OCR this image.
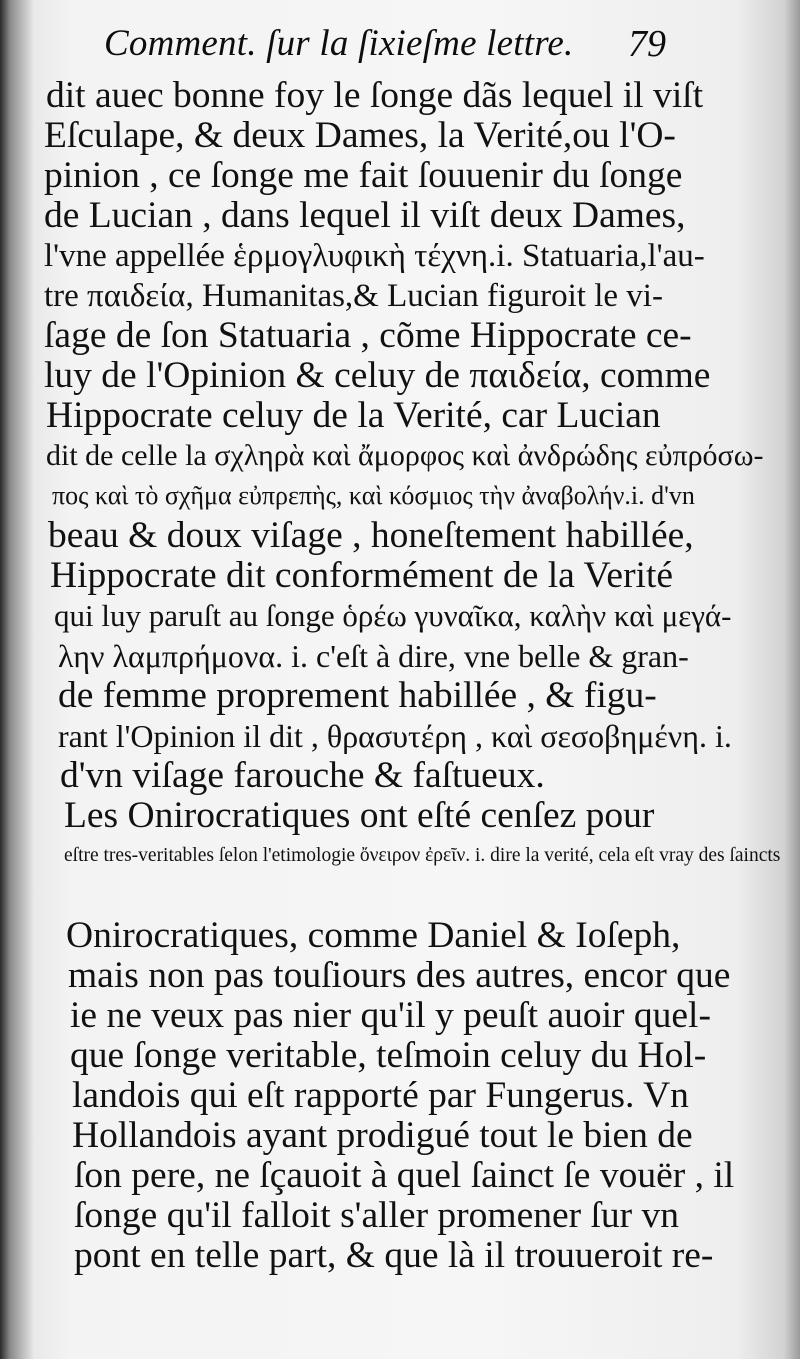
Comment. ſur la ſixieſme lettre. 79
dit auec bonne foy le ſonge dãs lequel il viſt
Eſculape, & deux Dames, la Verité,ou l'O-
pinion , ce ſonge me fait ſouuenir du ſonge
de Lucian , dans lequel il viſt deux Dames,
l'vne appellée ἑρμογλυφικὴ τέχνη.i. Statuaria,l'au-
tre παιδεία, Humanitas,& Lucian figuroit le vi-
ſage de ſon Statuaria , cõme Hippocrate ce-
luy de l'Opinion & celuy de παιδεία, comme
Hippocrate celuy de la Verité, car Lucian
dit de celle la σχληρὰ καὶ ἄμορφος καὶ ἀνδρώδης εὐπρόσω-
πος καὶ τὸ σχῆμα εὐπρεπὴς, καὶ κόσμιος τὴν ἀναβολήν.i. d'vn
beau & doux viſage , honeſtement habillée,
Hippocrate dit conformément de la Verité
qui luy paruſt au ſonge ὁρέω γυναῖκα, καλὴν καὶ μεγά-
λην λαμπρήμονα. i. c'eſt à dire, vne belle & gran-
de femme proprement habillée , & figu-
rant l'Opinion il dit , θρασυτέρη , καὶ σεσοβημένη. i.
d'vn viſage farouche & faſtueux.
Les Onirocratiques ont eſté cenſez pour
eſtre tres-veritables ſelon l'etimologie ὄνειρον ἐρεῖν. i. dire la verité, cela eſt vray des ſaincts
Onirocratiques, comme Daniel & Ioſeph,
mais non pas touſiours des autres, encor que
ie ne veux pas nier qu'il y peuſt auoir quel-
que ſonge veritable, teſmoin celuy du Hol-
landois qui eſt rapporté par Fungerus. Vn
Hollandois ayant prodigué tout le bien de
ſon pere, ne ſçauoit à quel ſainct ſe vouër , il
ſonge qu'il falloit s'aller promener ſur vn
pont en telle part, & que là il trouueroit re-
